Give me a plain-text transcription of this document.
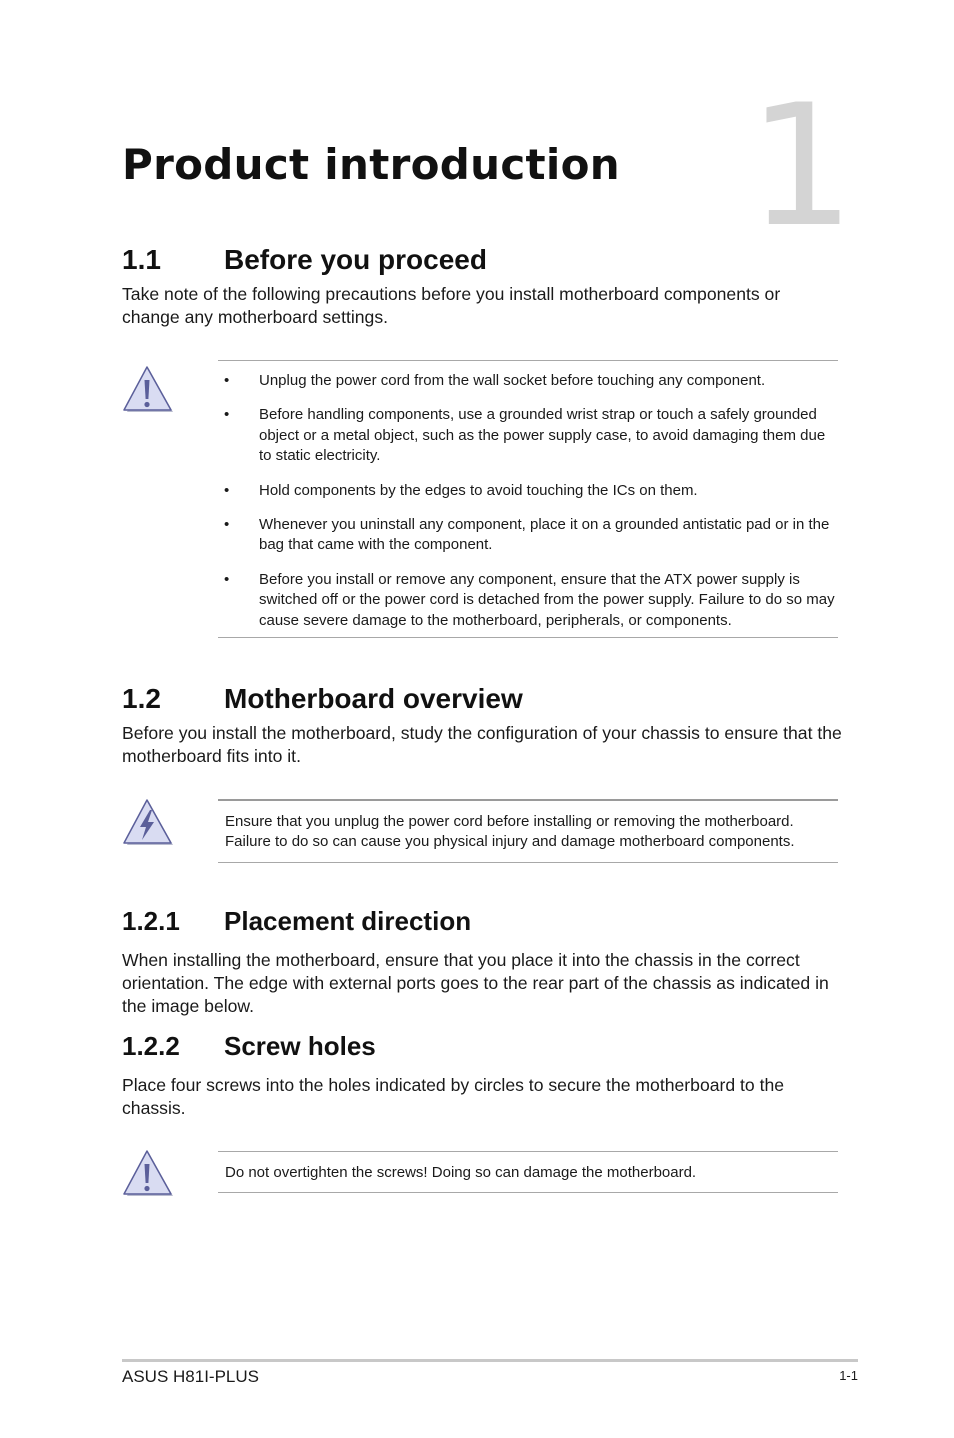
1
Product introduction
1.1 Before you proceed
Take note of the following precautions before you install motherboard components or change any motherboard settings.
• Unplug the power cord from the wall socket before touching any component.
• Before handling components, use a grounded wrist strap or touch a safely grounded object or a metal object, such as the power supply case, to avoid damaging them due to static electricity.
• Hold components by the edges to avoid touching the ICs on them.
• Whenever you uninstall any component, place it on a grounded antistatic pad or in the bag that came with the component.
• Before you install or remove any component, ensure that the ATX power supply is switched off or the power cord is detached from the power supply. Failure to do so may cause severe damage to the motherboard, peripherals, or components.
1.2 Motherboard overview
Before you install the motherboard, study the configuration of your chassis to ensure that the motherboard fits into it.
Ensure that you unplug the power cord before installing or removing the motherboard. Failure to do so can cause you physical injury and damage motherboard components.
1.2.1 Placement direction
When installing the motherboard, ensure that you place it into the chassis in the correct orientation. The edge with external ports goes to the rear part of the chassis as indicated in the image below.
1.2.2 Screw holes
Place four screws into the holes indicated by circles to secure the motherboard to the chassis.
Do not overtighten the screws! Doing so can damage the motherboard.
ASUS H81I-PLUS	1-1
